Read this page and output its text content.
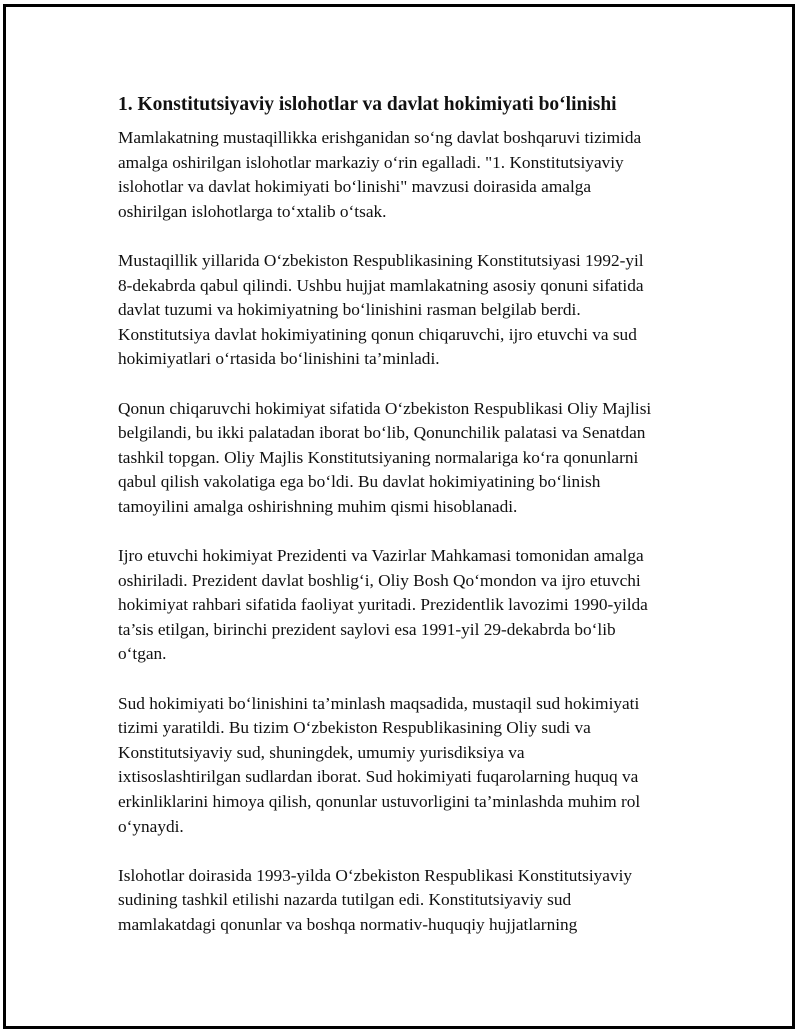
1. Konstitutsiyaviy islohotlar va davlat hokimiyati bo‘linishi
Mamlakatning mustaqillikka erishganidan so‘ng davlat boshqaruvi tizimida
amalga oshirilgan islohotlar markaziy o‘rin egalladi. "1. Konstitutsiyaviy
islohotlar va davlat hokimiyati bo‘linishi" mavzusi doirasida amalga
oshirilgan islohotlarga to‘xtalib o‘tsak.
Mustaqillik yillarida O‘zbekiston Respublikasining Konstitutsiyasi 1992-yil
8-dekabrda qabul qilindi. Ushbu hujjat mamlakatning asosiy qonuni sifatida
davlat tuzumi va hokimiyatning bo‘linishini rasman belgilab berdi.
Konstitutsiya davlat hokimiyatining qonun chiqaruvchi, ijro etuvchi va sud
hokimiyatlari o‘rtasida bo‘linishini ta’minladi.
Qonun chiqaruvchi hokimiyat sifatida O‘zbekiston Respublikasi Oliy Majlisi
belgilandi, bu ikki palatadan iborat bo‘lib, Qonunchilik palatasi va Senatdan
tashkil topgan. Oliy Majlis Konstitutsiyaning normalariga ko‘ra qonunlarni
qabul qilish vakolatiga ega bo‘ldi. Bu davlat hokimiyatining bo‘linish
tamoyilini amalga oshirishning muhim qismi hisoblanadi.
Ijro etuvchi hokimiyat Prezidenti va Vazirlar Mahkamasi tomonidan amalga
oshiriladi. Prezident davlat boshlig‘i, Oliy Bosh Qo‘mondon va ijro etuvchi
hokimiyat rahbari sifatida faoliyat yuritadi. Prezidentlik lavozimi 1990-yilda
ta’sis etilgan, birinchi prezident saylovi esa 1991-yil 29-dekabrda bo‘lib
o‘tgan.
Sud hokimiyati bo‘linishini ta’minlash maqsadida, mustaqil sud hokimiyati
tizimi yaratildi. Bu tizim O‘zbekiston Respublikasining Oliy sudi va
Konstitutsiyaviy sud, shuningdek, umumiy yurisdiksiya va
ixtisoslashtirilgan sudlardan iborat. Sud hokimiyati fuqarolarning huquq va
erkinliklarini himoya qilish, qonunlar ustuvorligini ta’minlashda muhim rol
o‘ynaydi.
Islohotlar doirasida 1993-yilda O‘zbekiston Respublikasi Konstitutsiyaviy
sudining tashkil etilishi nazarda tutilgan edi. Konstitutsiyaviy sud
mamlakatdagi qonunlar va boshqa normativ-huquqiy hujjatlarning
